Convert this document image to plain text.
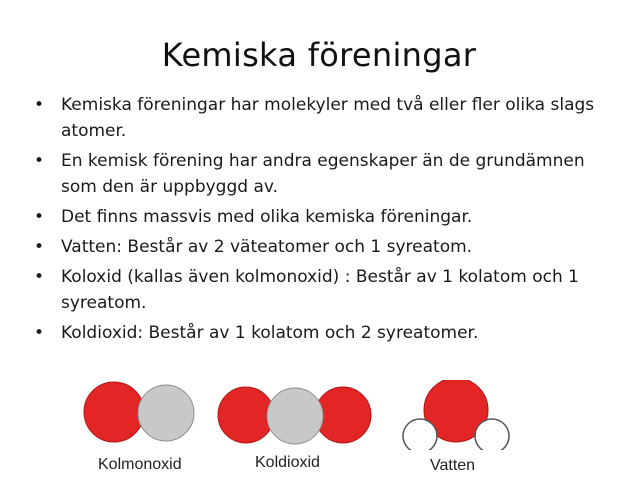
Kemiska föreningar
• Kemiska föreningar har molekyler med två eller fler olika slags atomer.
• En kemisk förening har andra egenskaper än de grundämnen som den är uppbyggd av.
• Det finns massvis med olika kemiska föreningar.
• Vatten: Består av 2 väteatomer och 1 syreatom.
• Koloxid (kallas även kolmonoxid) : Består av 1 kolatom och 1 syreatom.
• Koldioxid: Består av 1 kolatom och 2 syreatomer.
Kolmonoxid	Koldioxid	Vatten
